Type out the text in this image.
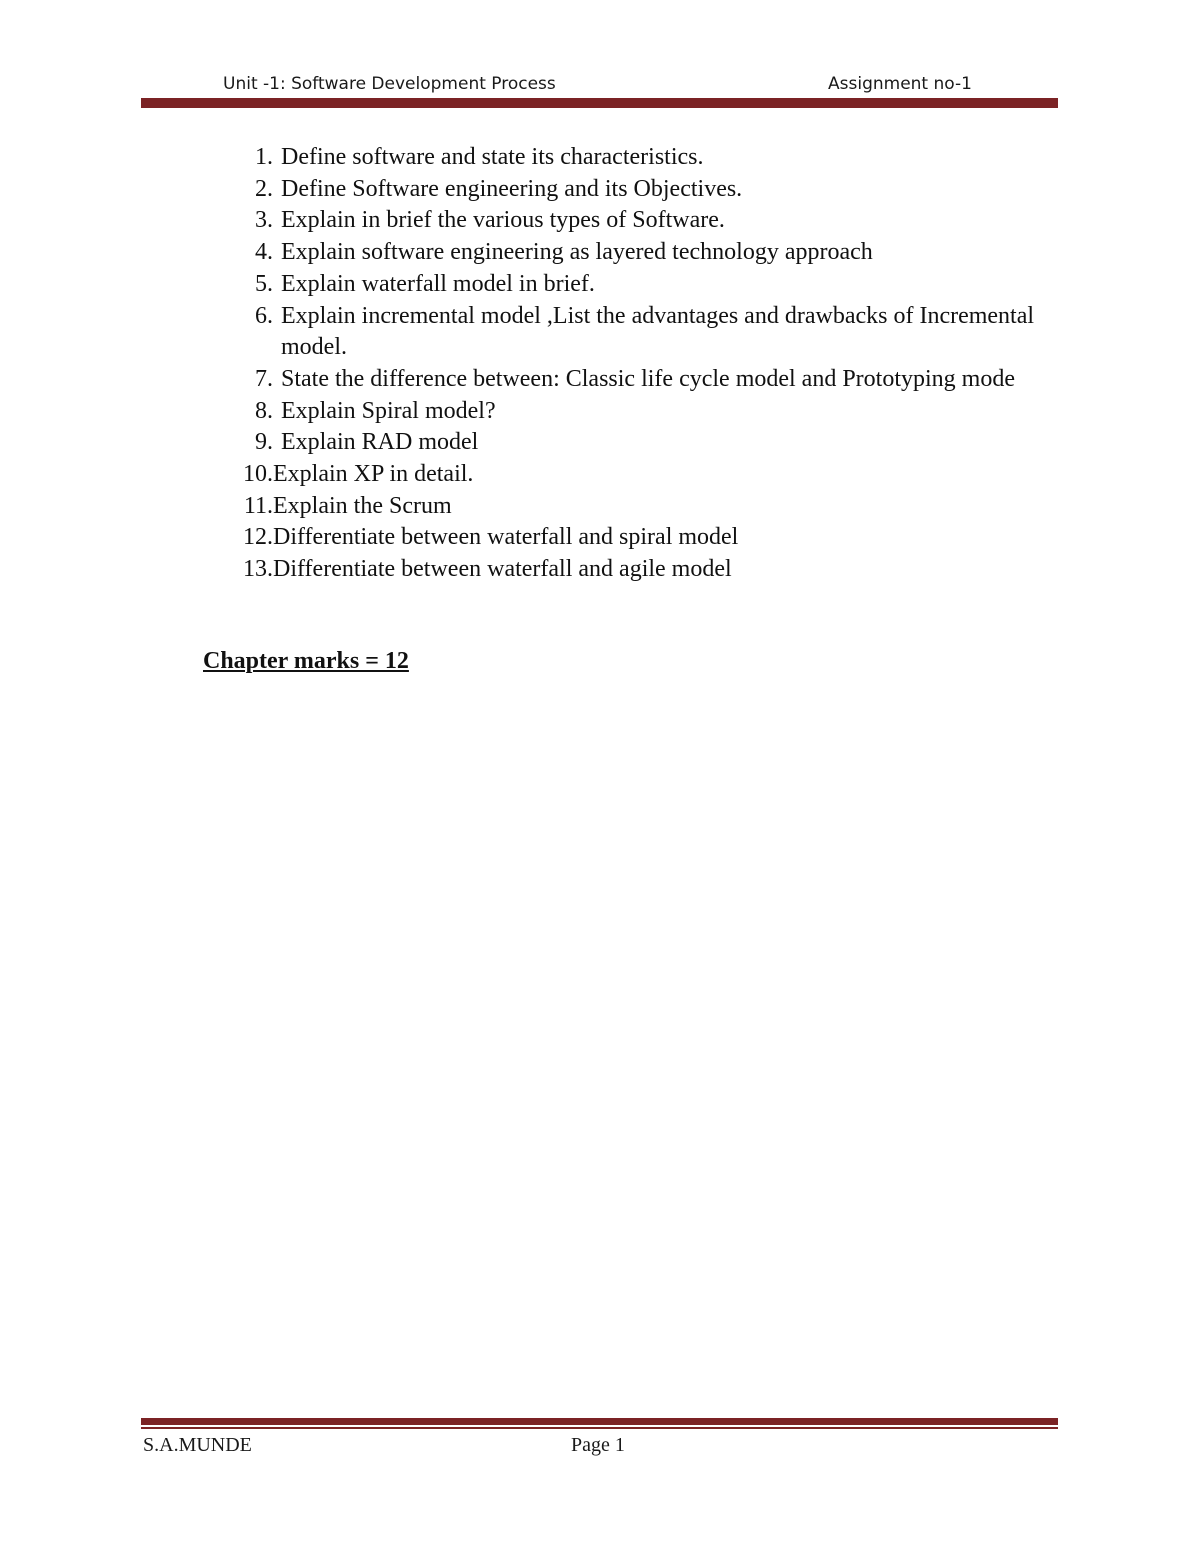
Unit -1: Software Development Process	Assignment no-1
1. Define software and state its characteristics.
2. Define Software engineering and its Objectives.
3. Explain in brief the various types of Software.
4. Explain software engineering as layered technology approach
5. Explain waterfall model in brief.
6. Explain incremental model ,List the advantages and drawbacks of Incremental model.
7. State the difference between: Classic life cycle model and Prototyping mode
8. Explain Spiral model?
9. Explain RAD model
10. Explain XP in detail.
11. Explain the Scrum
12. Differentiate between waterfall and spiral model
13. Differentiate between waterfall and agile model
Chapter marks = 12
S.A.MUNDE	Page 1
